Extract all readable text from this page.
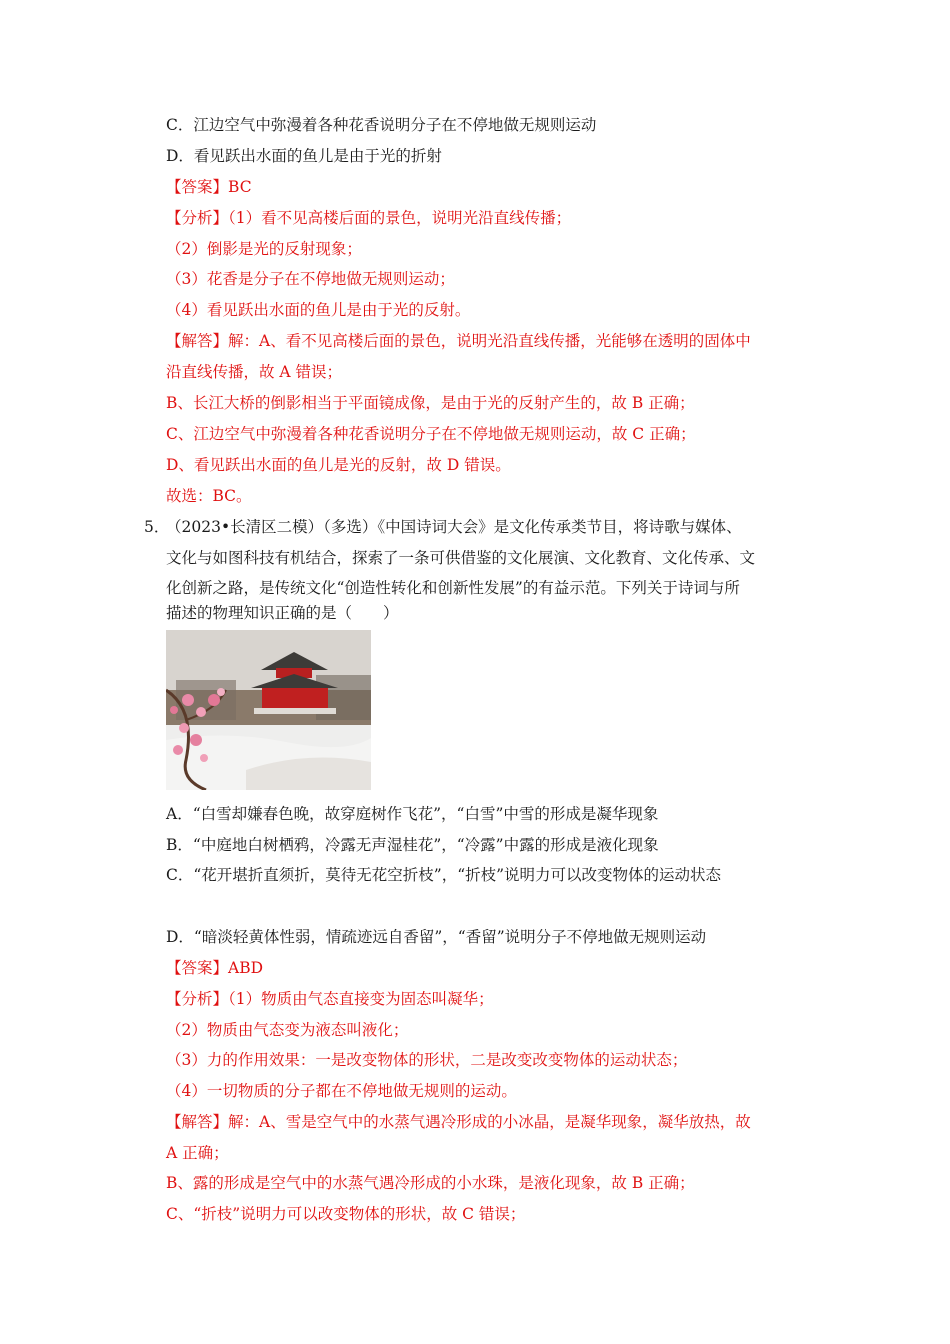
C．江边空气中弥漫着各种花香说明分子在不停地做无规则运动
D．看见跃出水面的鱼儿是由于光的折射
【答案】BC
【分析】（1）看不见高楼后面的景色，说明光沿直线传播；
（2）倒影是光的反射现象；
（3）花香是分子在不停地做无规则运动；
（4）看见跃出水面的鱼儿是由于光的反射。
【解答】解：A、看不见高楼后面的景色，说明光沿直线传播，光能够在透明的固体中
沿直线传播，故 A 错误；
B、长江大桥的倒影相当于平面镜成像，是由于光的反射产生的，故 B 正确；
C、江边空气中弥漫着各种花香说明分子在不停地做无规则运动，故 C 正确；
D、看见跃出水面的鱼儿是光的反射，故 D 错误。
故选：BC。
5．
（2023•长清区二模）（多选）《中国诗词大会》是文化传承类节目，将诗歌与媒体、
文化与如图科技有机结合，探索了一条可供借鉴的文化展演、文化教育、文化传承、文
化创新之路，是传统文化“创造性转化和创新性发展”的有益示范。下列关于诗词与所
描述的物理知识正确的是（　　）
A．“白雪却嫌春色晚，故穿庭树作飞花”，“白雪”中雪的形成是凝华现象
B．“中庭地白树栖鸦，冷露无声湿桂花”，“冷露”中露的形成是液化现象
C．“花开堪折直须折，莫待无花空折枝”，“折枝”说明力可以改变物体的运动状态
D．“暗淡轻黄体性弱，情疏迹远自香留”，“香留”说明分子不停地做无规则运动
【答案】ABD
【分析】（1）物质由气态直接变为固态叫凝华；
（2）物质由气态变为液态叫液化；
（3）力的作用效果：一是改变物体的形状，二是改变改变物体的运动状态；
（4）一切物质的分子都在不停地做无规则的运动。
【解答】解：A、雪是空气中的水蒸气遇冷形成的小冰晶，是凝华现象，凝华放热，故
A 正确；
B、露的形成是空气中的水蒸气遇冷形成的小水珠，是液化现象，故 B 正确；
C、“折枝”说明力可以改变物体的形状，故 C 错误；
